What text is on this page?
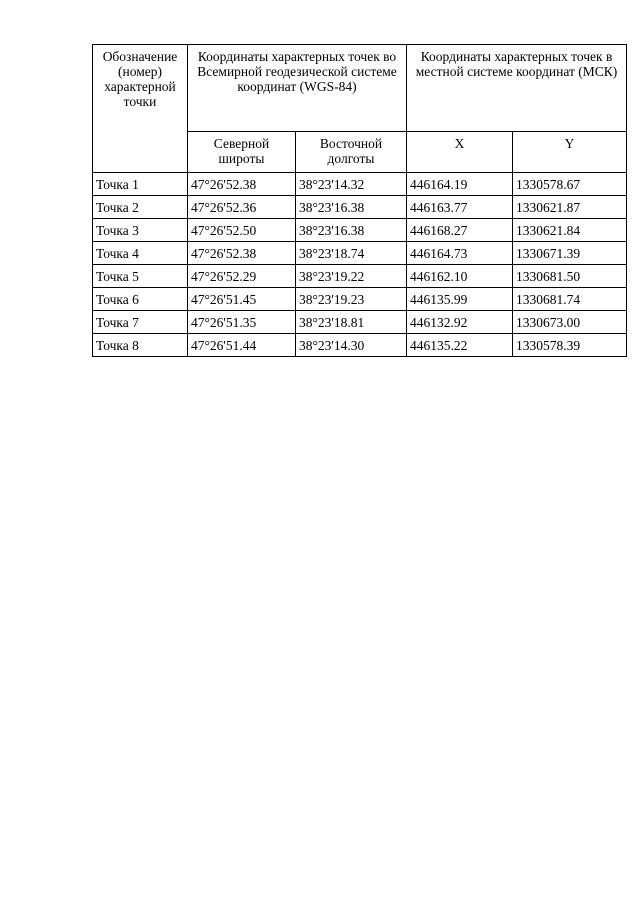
Обозначение (номер) характерной точки	Координаты характерных точек во Всемирной геодезической системе координат (WGS-84)		Координаты характерных точек в местной системе координат (МСК)	
	Северной широты	Восточной долготы	X	Y
Точка 1	47°26'52.38	38°23'14.32	446164.19	1330578.67
Точка 2	47°26'52.36	38°23'16.38	446163.77	1330621.87
Точка 3	47°26'52.50	38°23'16.38	446168.27	1330621.84
Точка 4	47°26'52.38	38°23'18.74	446164.73	1330671.39
Точка 5	47°26'52.29	38°23'19.22	446162.10	1330681.50
Точка 6	47°26'51.45	38°23'19.23	446135.99	1330681.74
Точка 7	47°26'51.35	38°23'18.81	446132.92	1330673.00
Точка 8	47°26'51.44	38°23'14.30	446135.22	1330578.39
